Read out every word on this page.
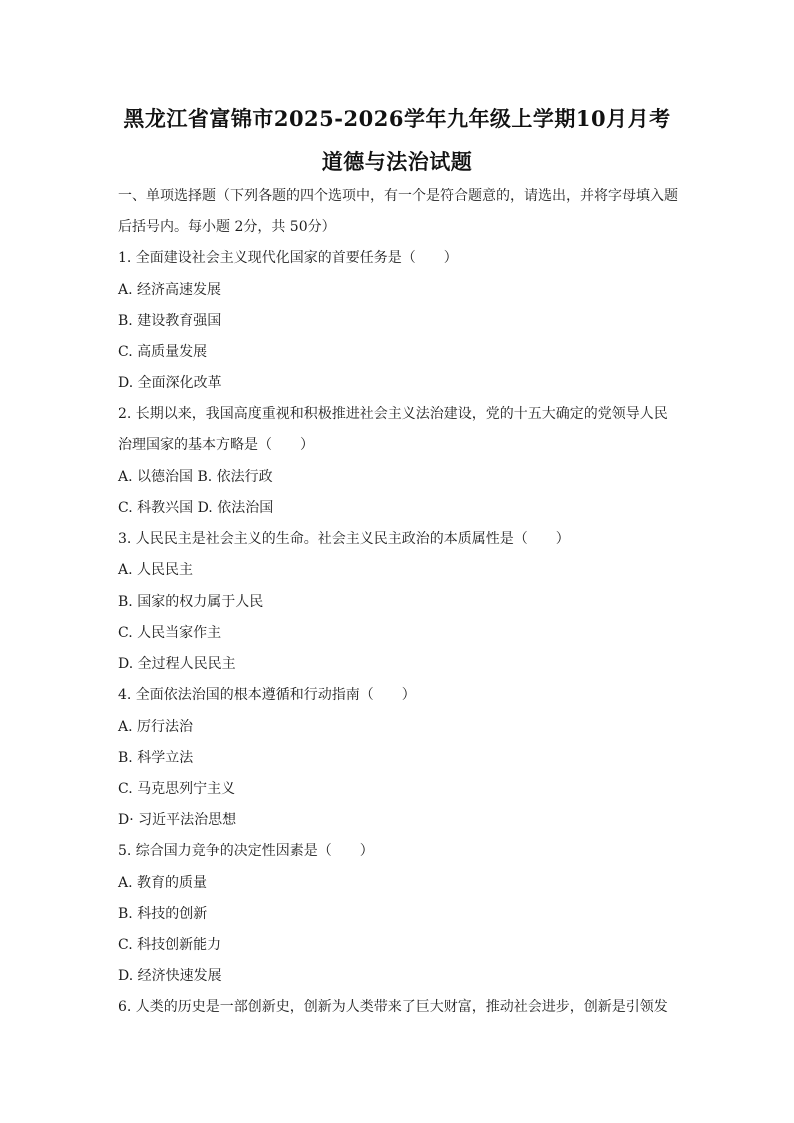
黑龙江省富锦市2025-2026学年九年级上学期10月月考
道德与法治试题
一、单项选择题（下列各题的四个选项中，有一个是符合题意的，请选出，并将字母填入题
后括号内。每小题 2分，共 50分）
1. 全面建设社会主义现代化国家的首要任务是（　　）
A. 经济高速发展
B. 建设教育强国
C. 高质量发展
D. 全面深化改革
2. 长期以来，我国高度重视和积极推进社会主义法治建设，党的十五大确定的党领导人民
治理国家的基本方略是（　　）
A. 以德治国 B. 依法行政
C. 科教兴国 D. 依法治国
3. 人民民主是社会主义的生命。社会主义民主政治的本质属性是（　　）
A. 人民民主
B. 国家的权力属于人民
C. 人民当家作主
D. 全过程人民民主
4. 全面依法治国的根本遵循和行动指南（　　）
A. 厉行法治
B. 科学立法
C. 马克思列宁主义
D· 习近平法治思想
5. 综合国力竞争的决定性因素是（　　）
A. 教育的质量
B. 科技的创新
C. 科技创新能力
D. 经济快速发展
6. 人类的历史是一部创新史，创新为人类带来了巨大财富，推动社会进步，创新是引领发
